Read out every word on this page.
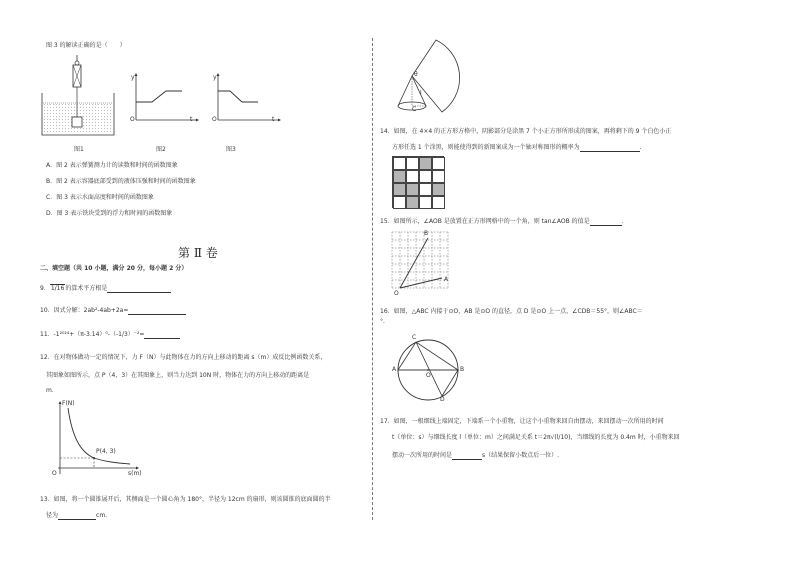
图 3 的解读正确的是（　　）
图1
y
t
O
图2
y
t
O
图3
A．图 2 表示弹簧测力计的读数和时间的函数图象
B．图 2 表示容器底部受到的液体压强和时间的函数图象
C．图 3 表示水面高度和时间的函数图象
D．图 3 表示铁块受到的浮力和时间的函数图象
第 Ⅱ 卷
二、填空题（共 10 小题，满分 20 分，每小题 2 分）
9．1/16的算术平方根是
10．因式分解：2ab²-4ab+2a=
11．-1²⁰²⁴+（π-3.14）⁰-（-1/3）⁻²=
12．在对物体做功一定的情况下，力 F（N）与此物体在力的方向上移动的距离 s（m）成反比例函数关系，
其图象如图所示，点 P（4，3）在其图象上，则当力达到 10N 时，物体在力的方向上移动的距离是
m.
F(N)
s(m)
P(4, 3)
O
13．如图，将一个圆锥展开后，其侧面是一个圆心角为 180°，半径为 12cm 的扇形，则该圆锥的底面圆的半
径为	cm.
θ
l
C
14．如图，在 4×4 的正方形方格中，阴影部分是涂黑 7 个小正方形所形成的图案，再将剩下的 9 个白色小正
方形任选 1 个涂黑，则能使得到的新图案成为一个轴对称图形的概率为	.
15．如图所示，∠AOB 是放置在正方形网格中的一个角，则 tan∠AOB 的值是	.
B
A
O
16．如图，△ABC 内接于⊙O，AB 是⊙O 的直径，点 D 是⊙O 上一点，∠CDB＝55°，则∠ABC＝
°.
A	B
C
D
O
17．如图，一根细线上端固定，下端系一个小重物，让这个小重物来回自由摆动，来回摆动一次所用的时间
t（单位：s）与细线长度 l（单位：m）之间满足关系 t＝2π√(l/10)，当细线的长度为 0.4m 时，小重物来回
摆动一次所用的时间是	s（结果保留小数点后一位）.
